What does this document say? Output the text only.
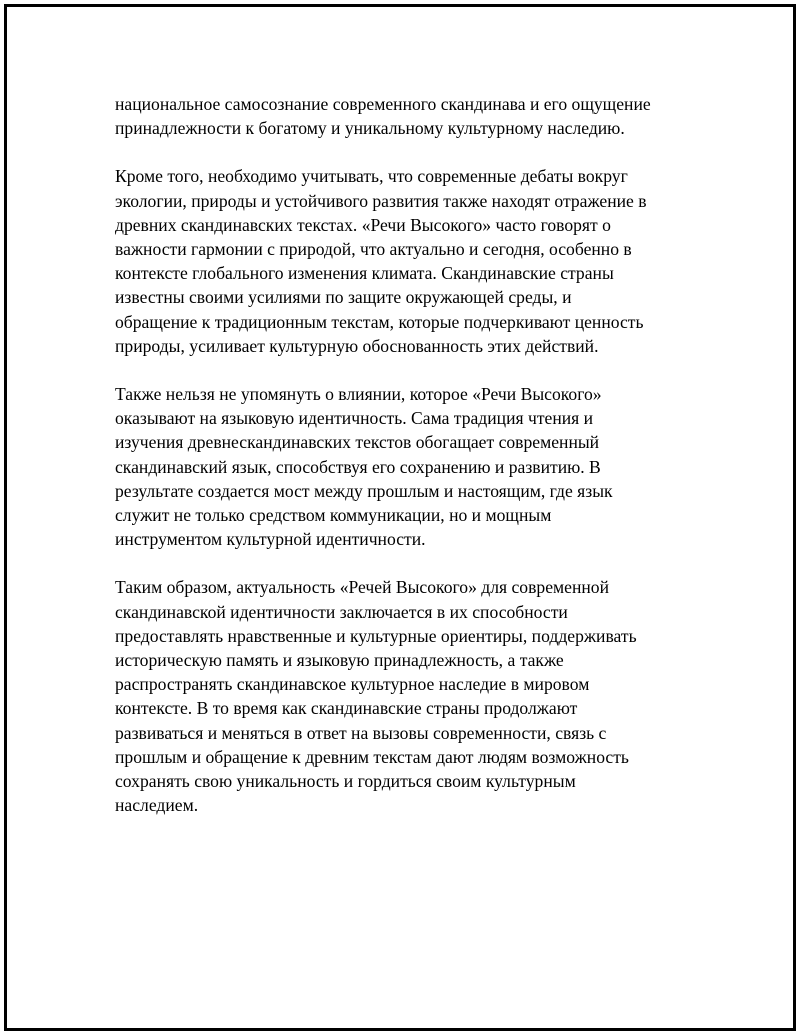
национальное самосознание современного скандинава и его ощущение
принадлежности к богатому и уникальному культурному наследию.

Кроме того, необходимо учитывать, что современные дебаты вокруг
экологии, природы и устойчивого развития также находят отражение в
древних скандинавских текстах. «Речи Высокого» часто говорят о
важности гармонии с природой, что актуально и сегодня, особенно в
контексте глобального изменения климата. Скандинавские страны
известны своими усилиями по защите окружающей среды, и
обращение к традиционным текстам, которые подчеркивают ценность
природы, усиливает культурную обоснованность этих действий.

Также нельзя не упомянуть о влиянии, которое «Речи Высокого»
оказывают на языковую идентичность. Сама традиция чтения и
изучения древнескандинавских текстов обогащает современный
скандинавский язык, способствуя его сохранению и развитию. В
результате создается мост между прошлым и настоящим, где язык
служит не только средством коммуникации, но и мощным
инструментом культурной идентичности.

Таким образом, актуальность «Речей Высокого» для современной
скандинавской идентичности заключается в их способности
предоставлять нравственные и культурные ориентиры, поддерживать
историческую память и языковую принадлежность, а также
распространять скандинавское культурное наследие в мировом
контексте. В то время как скандинавские страны продолжают
развиваться и меняться в ответ на вызовы современности, связь с
прошлым и обращение к древним текстам дают людям возможность
сохранять свою уникальность и гордиться своим культурным
наследием.
